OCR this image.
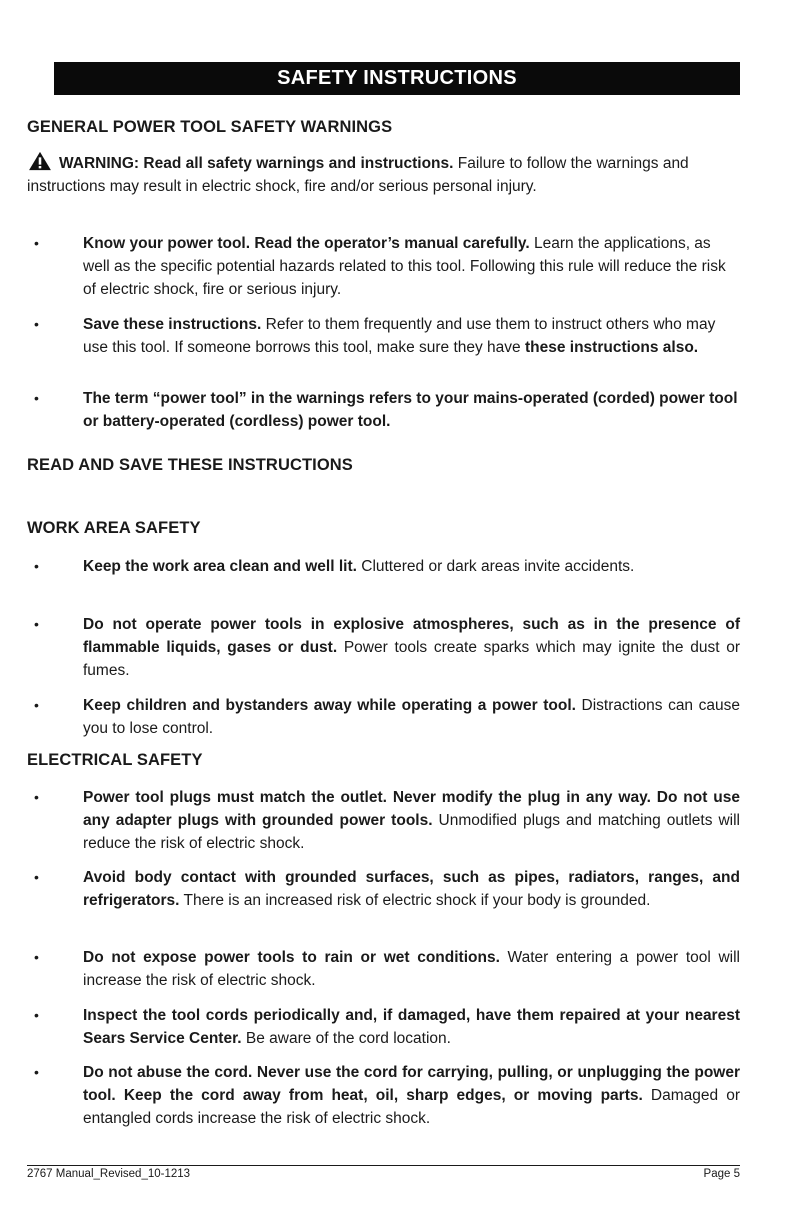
SAFETY INSTRUCTIONS
GENERAL POWER TOOL SAFETY WARNINGS
WARNING: Read all safety warnings and instructions. Failure to follow the warnings and instructions may result in electric shock, fire and/or serious personal injury.
• Know your power tool. Read the operator’s manual carefully. Learn the applications, as well as the specific potential hazards related to this tool. Following this rule will reduce the risk of electric shock, fire or serious injury.
• Save these instructions. Refer to them frequently and use them to instruct others who may use this tool. If someone borrows this tool, make sure they have these instructions also.
• The term “power tool” in the warnings refers to your mains-operated (corded) power tool or battery-operated (cordless) power tool.
READ AND SAVE THESE INSTRUCTIONS
WORK AREA SAFETY
• Keep the work area clean and well lit. Cluttered or dark areas invite accidents.
• Do not operate power tools in explosive atmospheres, such as in the presence of flammable liquids, gases or dust. Power tools create sparks which may ignite the dust or fumes.
• Keep children and bystanders away while operating a power tool. Distractions can cause you to lose control.
ELECTRICAL SAFETY
• Power tool plugs must match the outlet. Never modify the plug in any way. Do not use any adapter plugs with grounded power tools. Unmodified plugs and matching outlets will reduce the risk of electric shock.
• Avoid body contact with grounded surfaces, such as pipes, radiators, ranges, and refrigerators. There is an increased risk of electric shock if your body is grounded.
• Do not expose power tools to rain or wet conditions. Water entering a power tool will increase the risk of electric shock.
• Inspect the tool cords periodically and, if damaged, have them repaired at your nearest Sears Service Center. Be aware of the cord location.
• Do not abuse the cord. Never use the cord for carrying, pulling, or unplugging the power tool. Keep the cord away from heat, oil, sharp edges, or moving parts. Damaged or entangled cords increase the risk of electric shock.
2767 Manual_Revised_10-1213	Page 5
